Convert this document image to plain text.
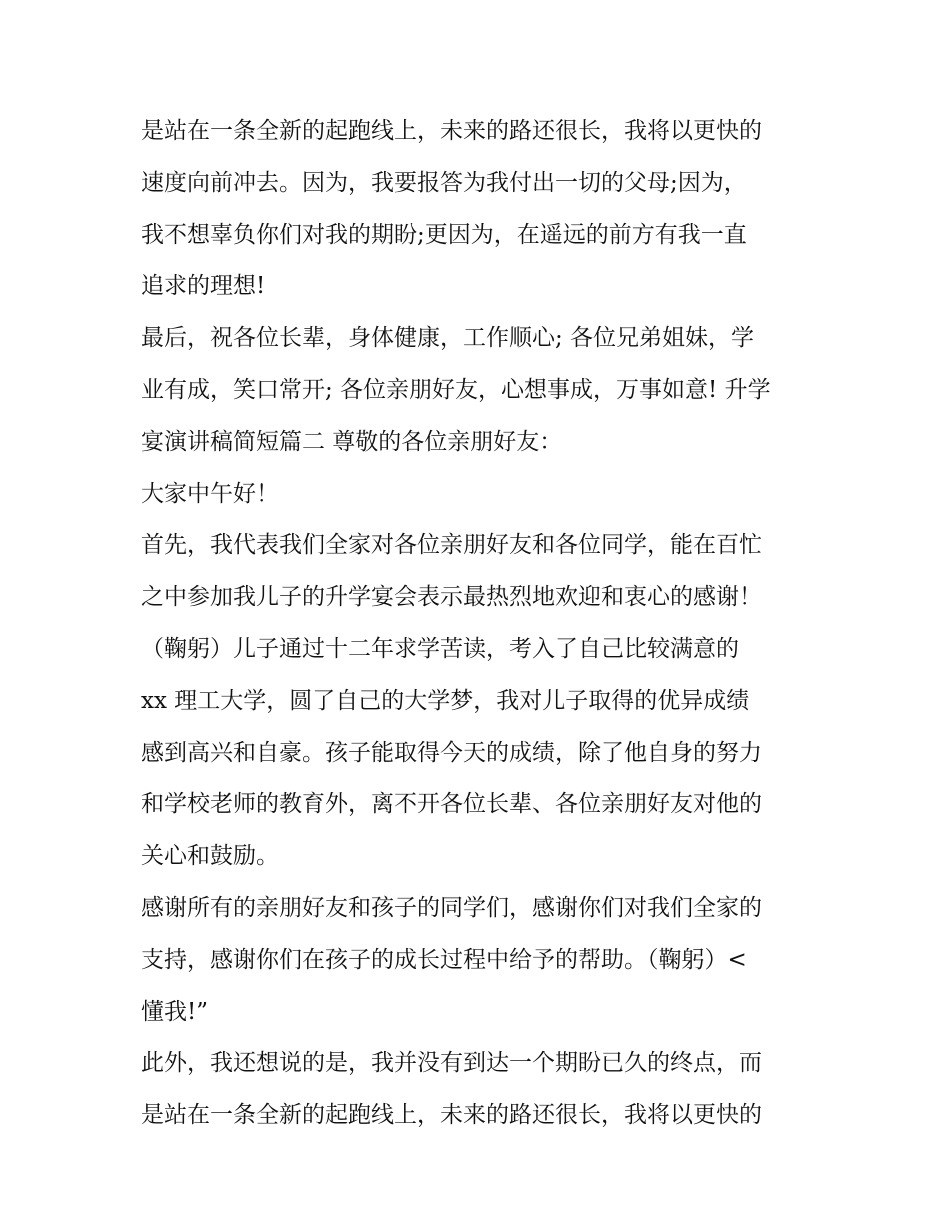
是站在一条全新的起跑线上，未来的路还很长，我将以更快的
速度向前冲去。因为，我要报答为我付出一切的父母;因为，
我不想辜负你们对我的期盼;更因为，在遥远的前方有我一直
追求的理想!
最后，祝各位长辈，身体健康，工作顺心; 各位兄弟姐妹，学
业有成，笑口常开; 各位亲朋好友，心想事成，万事如意! 升学
宴演讲稿简短篇二 尊敬的各位亲朋好友：
大家中午好！
首先，我代表我们全家对各位亲朋好友和各位同学，能在百忙
之中参加我儿子的升学宴会表示最热烈地欢迎和衷心的感谢！
（鞠躬）儿子通过十二年求学苦读，考入了自己比较满意的
xx 理工大学，圆了自己的大学梦，我对儿子取得的优异成绩
感到高兴和自豪。孩子能取得今天的成绩，除了他自身的努力
和学校老师的教育外，离不开各位长辈、各位亲朋好友对他的
关心和鼓励。
感谢所有的亲朋好友和孩子的同学们，感谢你们对我们全家的
支持，感谢你们在孩子的成长过程中给予的帮助。（鞠躬）<
懂我!”
此外，我还想说的是，我并没有到达一个期盼已久的终点，而
是站在一条全新的起跑线上，未来的路还很长，我将以更快的
